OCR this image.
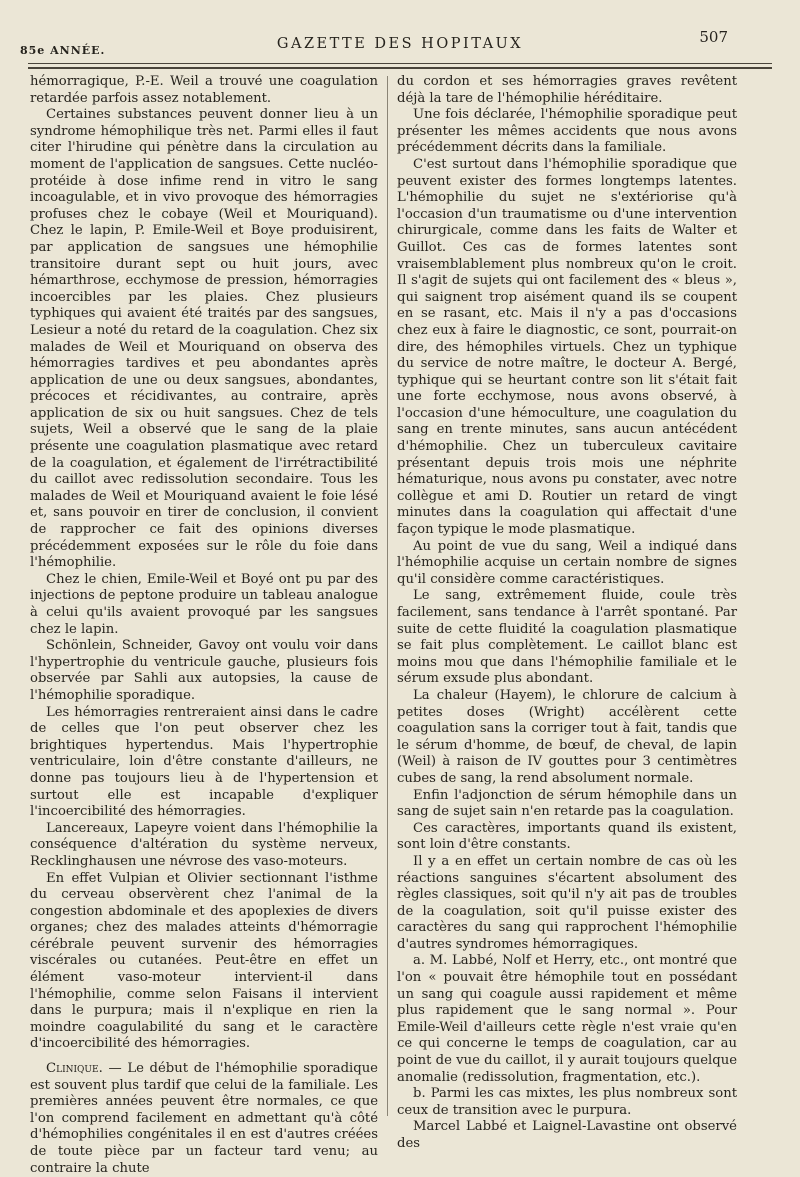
85e ANNÉE.	GAZETTE DES HOPITAUX	507

hémorragique, P.-E. Weil a trouvé une coagulation retardée parfois assez notablement.

Certaines substances peuvent donner lieu à un syndrome hémophilique très net. Parmi elles il faut citer l'hirudine qui pénètre dans la circulation au moment de l'application de sangsues. Cette nucléo-protéide à dose infime rend in vitro le sang incoagulable, et in vivo provoque des hémorragies profuses chez le cobaye (Weil et Mouriquand). Chez le lapin, P. Emile-Weil et Boye produisirent, par application de sangsues une hémophilie transitoire durant sept ou huit jours, avec hémarthrose, ecchymose de pression, hémorragies incoercibles par les plaies. Chez plusieurs typhiques qui avaient été traités par des sangsues, Lesieur a noté du retard de la coagulation. Chez six malades de Weil et Mouriquand on observa des hémorragies tardives et peu abondantes après application de une ou deux sangsues, abondantes, précoces et récidivantes, au contraire, après application de six ou huit sangsues. Chez de tels sujets, Weil a observé que le sang de la plaie présente une coagulation plasmatique avec retard de la coagulation, et également de l'irrétractibilité du caillot avec redissolution secondaire. Tous les malades de Weil et Mouriquand avaient le foie lésé et, sans pouvoir en tirer de conclusion, il convient de rapprocher ce fait des opinions diverses précédemment exposées sur le rôle du foie dans l'hémophilie.

Chez le chien, Emile-Weil et Boyé ont pu par des injections de peptone produire un tableau analogue à celui qu'ils avaient provoqué par les sangsues chez le lapin.

Schönlein, Schneider, Gavoy ont voulu voir dans l'hypertrophie du ventricule gauche, plusieurs fois observée par Sahli aux autopsies, la cause de l'hémophilie sporadique.

Les hémorragies rentreraient ainsi dans le cadre de celles que l'on peut observer chez les brightiques hypertendus. Mais l'hypertrophie ventriculaire, loin d'être constante d'ailleurs, ne donne pas toujours lieu à de l'hypertension et surtout elle est incapable d'expliquer l'incoercibilité des hémorragies.

Lancereaux, Lapeyre voient dans l'hémophilie la conséquence d'altération du système nerveux, Recklinghausen une névrose des vaso-moteurs.

En effet Vulpian et Olivier sectionnant l'isthme du cerveau observèrent chez l'animal de la congestion abdominale et des apoplexies de divers organes; chez des malades atteints d'hémorragie cérébrale peuvent survenir des hémorragies viscérales ou cutanées. Peut-être en effet un élément vaso-moteur intervient-il dans l'hémophilie, comme selon Faisans il intervient dans le purpura; mais il n'explique en rien la moindre coagulabilité du sang et le caractère d'incoercibilité des hémorragies.

Clinique. — Le début de l'hémophilie sporadique est souvent plus tardif que celui de la familiale. Les premières années peuvent être normales, ce que l'on comprend facilement en admettant qu'à côté d'hémophilies congénitales il en est d'autres créées de toute pièce par un facteur tard venu; au contraire la chute

du cordon et ses hémorragies graves revêtent déjà la tare de l'hémophilie héréditaire.

Une fois déclarée, l'hémophilie sporadique peut présenter les mêmes accidents que nous avons précédemment décrits dans la familiale.

C'est surtout dans l'hémophilie sporadique que peuvent exister des formes longtemps latentes. L'hémophilie du sujet ne s'extériorise qu'à l'occasion d'un traumatisme ou d'une intervention chirurgicale, comme dans les faits de Walter et Guillot. Ces cas de formes latentes sont vraisemblablement plus nombreux qu'on le croit. Il s'agit de sujets qui ont facilement des « bleus », qui saignent trop aisément quand ils se coupent en se rasant, etc. Mais il n'y a pas d'occasions chez eux à faire le diagnostic, ce sont, pourrait-on dire, des hémophiles virtuels. Chez un typhique du service de notre maître, le docteur A. Bergé, typhique qui se heurtant contre son lit s'était fait une forte ecchymose, nous avons observé, à l'occasion d'une hémoculture, une coagulation du sang en trente minutes, sans aucun antécédent d'hémophilie. Chez un tuberculeux cavitaire présentant depuis trois mois une néphrite hématurique, nous avons pu constater, avec notre collègue et ami D. Routier un retard de vingt minutes dans la coagulation qui affectait d'une façon typique le mode plasmatique.

Au point de vue du sang, Weil a indiqué dans l'hémophilie acquise un certain nombre de signes qu'il considère comme caractéristiques.

Le sang, extrêmement fluide, coule très facilement, sans tendance à l'arrêt spontané. Par suite de cette fluidité la coagulation plasmatique se fait plus complètement. Le caillot blanc est moins mou que dans l'hémophilie familiale et le sérum exsude plus abondant.

La chaleur (Hayem), le chlorure de calcium à petites doses (Wright) accélèrent cette coagulation sans la corriger tout à fait, tandis que le sérum d'homme, de bœuf, de cheval, de lapin (Weil) à raison de IV gouttes pour 3 centimètres cubes de sang, la rend absolument normale.

Enfin l'adjonction de sérum hémophile dans un sang de sujet sain n'en retarde pas la coagulation.

Ces caractères, importants quand ils existent, sont loin d'être constants.

Il y a en effet un certain nombre de cas où les réactions sanguines s'écartent absolument des règles classiques, soit qu'il n'y ait pas de troubles de la coagulation, soit qu'il puisse exister des caractères du sang qui rapprochent l'hémophilie d'autres syndromes hémorragiques.

a. M. Labbé, Nolf et Herry, etc., ont montré que l'on « pouvait être hémophile tout en possédant un sang qui coagule aussi rapidement et même plus rapidement que le sang normal ». Pour Emile-Weil d'ailleurs cette règle n'est vraie qu'en ce qui concerne le temps de coagulation, car au point de vue du caillot, il y aurait toujours quelque anomalie (redissolution, fragmentation, etc.).

b. Parmi les cas mixtes, les plus nombreux sont ceux de transition avec le purpura.

Marcel Labbé et Laignel-Lavastine ont observé des
